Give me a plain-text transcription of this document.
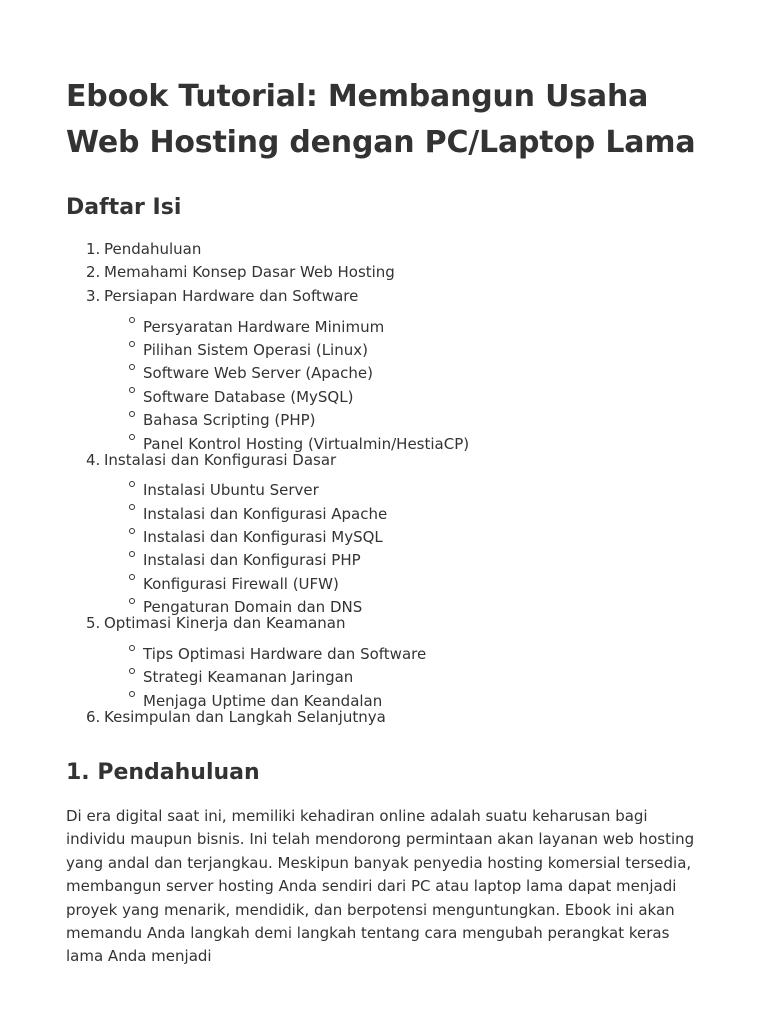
Ebook Tutorial: Membangun Usaha Web Hosting dengan PC/Laptop Lama
Daftar Isi
1. Pendahuluan
2. Memahami Konsep Dasar Web Hosting
3. Persiapan Hardware dan Software
Persyaratan Hardware Minimum
Pilihan Sistem Operasi (Linux)
Software Web Server (Apache)
Software Database (MySQL)
Bahasa Scripting (PHP)
Panel Kontrol Hosting (Virtualmin/HestiaCP)
4. Instalasi dan Konfigurasi Dasar
Instalasi Ubuntu Server
Instalasi dan Konfigurasi Apache
Instalasi dan Konfigurasi MySQL
Instalasi dan Konfigurasi PHP
Konfigurasi Firewall (UFW)
Pengaturan Domain dan DNS
5. Optimasi Kinerja dan Keamanan
Tips Optimasi Hardware dan Software
Strategi Keamanan Jaringan
Menjaga Uptime dan Keandalan
6. Kesimpulan dan Langkah Selanjutnya
1. Pendahuluan

Di era digital saat ini, memiliki kehadiran online adalah suatu keharusan bagi individu maupun bisnis. Ini telah mendorong permintaan akan layanan web hosting yang andal dan terjangkau. Meskipun banyak penyedia hosting komersial tersedia, membangun server hosting Anda sendiri dari PC atau laptop lama dapat menjadi proyek yang menarik, mendidik, dan berpotensi menguntungkan. Ebook ini akan memandu Anda langkah demi langkah tentang cara mengubah perangkat keras lama Anda menjadi
